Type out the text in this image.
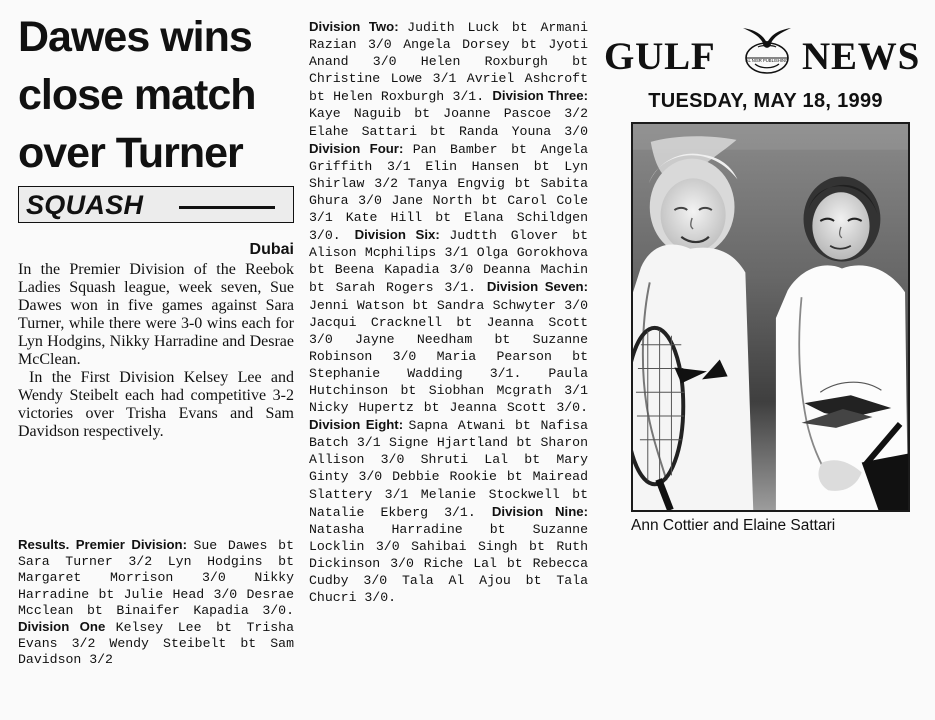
Dawes wins close match over Turner
SQUASH
Dubai

In the Premier Division of the Reebok Ladies Squash league, week seven, Sue Dawes won in five games against Sara Turner, while there were 3-0 wins each for Lyn Hodgins, Nikky Harradine and Desrae McClean.

In the First Division Kelsey Lee and Wendy Steibelt each had competitive 3-2 victories over Trisha Evans and Sam Davidson respectively.

Results. Premier Division: Sue Dawes bt Sara Turner 3/2 Lyn Hodgins bt Margaret Morrison 3/0 Nikky Harradine bt Julie Head 3/0 Desrae Mcclean bt Binaifer Kapadia 3/0. Division One Kelsey Lee bt Trisha Evans 3/2 Wendy Steibelt bt Sam Davidson 3/2
Division Two: Judith Luck bt Armani Razian 3/0 Angela Dorsey bt Jyoti Anand 3/0 Helen Roxburgh bt Christine Lowe 3/1 Avriel Ashcroft bt Helen Roxburgh 3/1. Division Three: Kaye Naguib bt Joanne Pascoe 3/2 Elahe Sattari bt Randa Youna 3/0 Division Four: Pan Bamber bt Angela Griffith 3/1 Elin Hansen bt Lyn Shirlaw 3/2 Tanya Engvig bt Sabita Ghura 3/0 Jane North bt Carol Cole 3/1 Kate Hill bt Elana Schildgen 3/0. Division Six: Judtth Glover bt Alison Mcphilips 3/1 Olga Gorokhova bt Beena Kapadia 3/0 Deanna Machin bt Sarah Rogers 3/1. Division Seven: Jenni Watson bt Sandra Schwyter 3/0 Jacqui Cracknell bt Jeanna Scott 3/0 Jayne Needham bt Suzanne Robinson 3/0 Maria Pearson bt Stephanie Wadding 3/1. Paula Hutchinson bt Siobhan Mcgrath 3/1 Nicky Hupertz bt Jeanna Scott 3/0. Division Eight: Sapna Atwani bt Nafisa Batch 3/1 Signe Hjartland bt Sharon Allison 3/0 Shruti Lal bt Mary Ginty 3/0 Debbie Rookie bt Mairead Slattery 3/1 Melanie Stockwell bt Natalie Ekberg 3/1. Division Nine: Natasha Harradine bt Suzanne Locklin 3/0 Sahibai Singh bt Ruth Dickinson 3/0 Riche Lal bt Rebecca Cudby 3/0 Tala Al Ajou bt Tala Chucri 3/0.
GULF	AL NISR PUBLISHING NEWS
TUESDAY, MAY 18, 1999
Ann Cottier and Elaine Sattari
